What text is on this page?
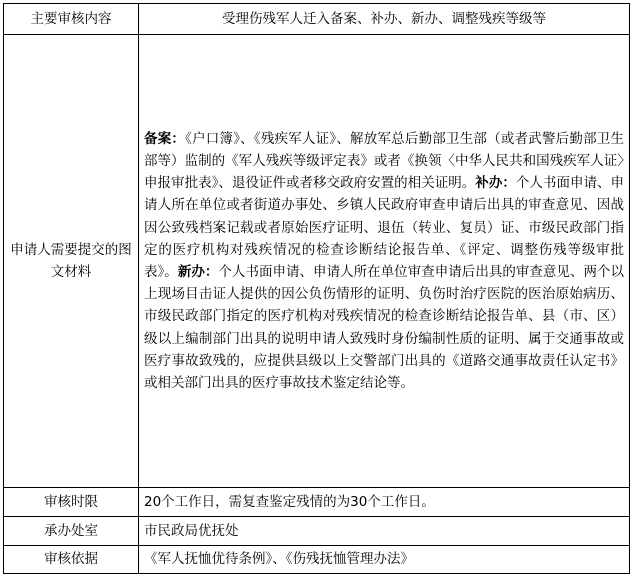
主要审核内容	受理伤残军人迁入备案、补办、新办、调整残疾等级等
申请人需要提交的图文材料	备案：《户口簿》、《残疾军人证》、解放军总后勤部卫生部（或者武警后勤部卫生部等）监制的《军人残疾等级评定表》或者《换领〈中华人民共和国残疾军人证〉申报审批表》、退役证件或者移交政府安置的相关证明。补办：个人书面申请、申请人所在单位或者街道办事处、乡镇人民政府审查申请后出具的审查意见、因战因公致残档案记载或者原始医疗证明、退伍（转业、复员）证、市级民政部门指定的医疗机构对残疾情况的检查诊断结论报告单、《评定、调整伤残等级审批表》。新办：个人书面申请、申请人所在单位审查申请后出具的审查意见、两个以上现场目击证人提供的因公负伤情形的证明、负伤时治疗医院的医治原始病历、市级民政部门指定的医疗机构对残疾情况的检查诊断结论报告单、县（市、区）级以上编制部门出具的说明申请人致残时身份编制性质的证明、属于交通事故或医疗事故致残的，应提供县级以上交警部门出具的《道路交通事故责任认定书》或相关部门出具的医疗事故技术鉴定结论等。
审核时限	20个工作日，需复查鉴定残情的为30个工作日。
承办处室	市民政局优抚处
审核依据	《军人抚恤优待条例》、《伤残抚恤管理办法》
